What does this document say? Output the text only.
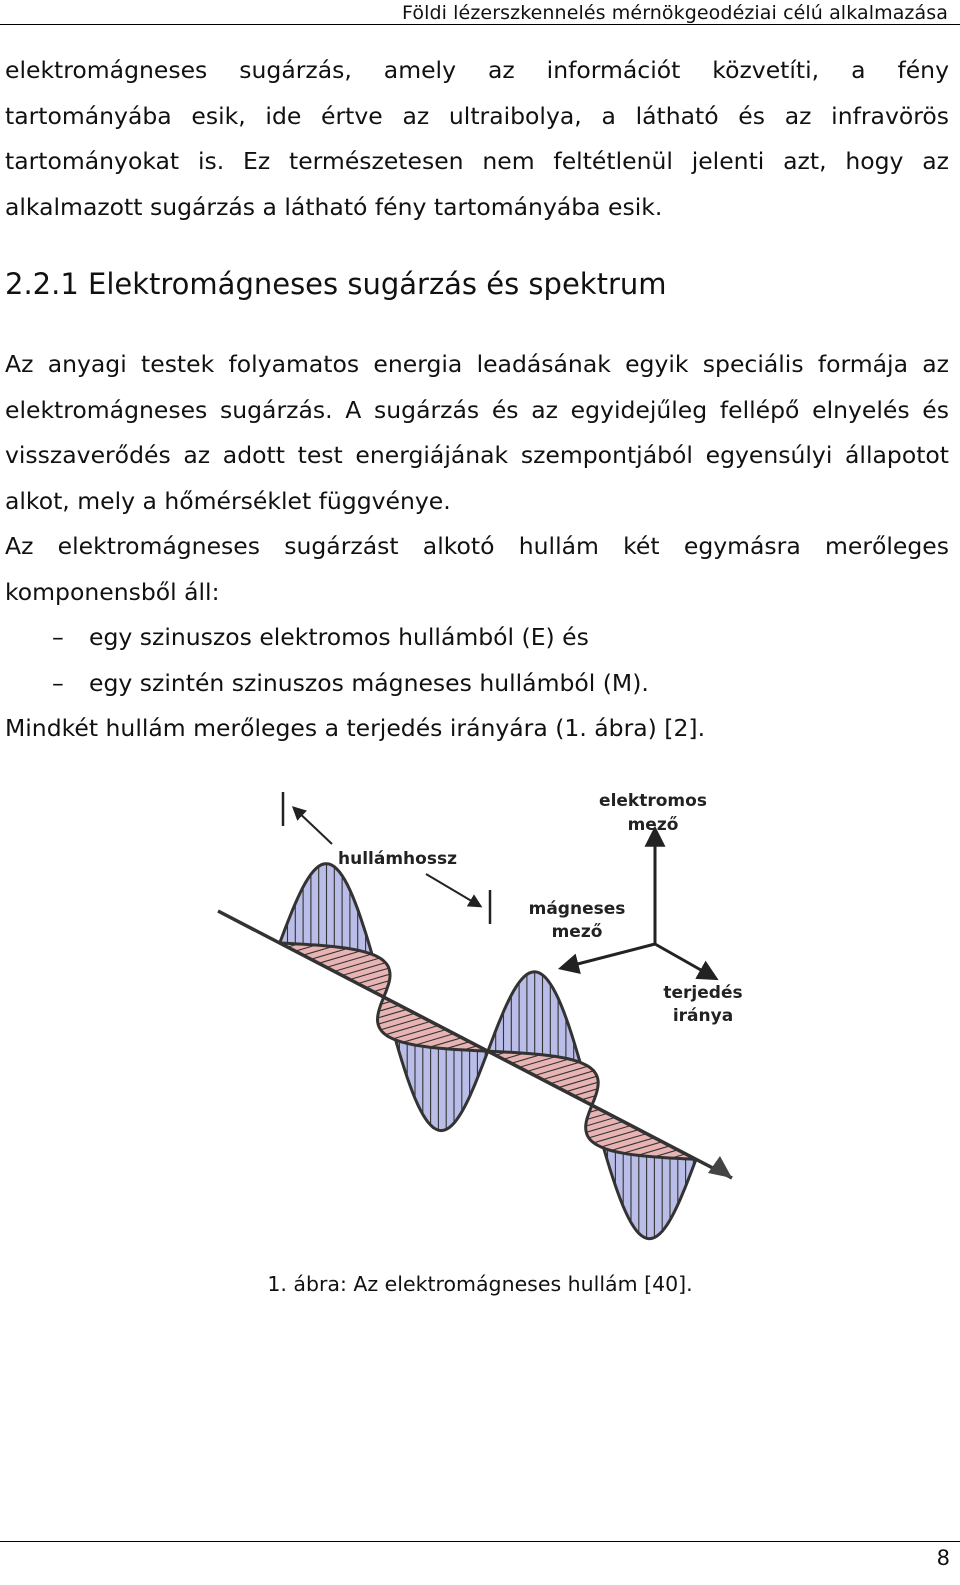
Földi lézerszkennelés mérnökgeodéziai célú alkalmazása

elektromágneses sugárzás, amely az információt közvetíti, a fény tartományába esik, ide értve az ultraibolya, a látható és az infravörös tartományokat is. Ez természetesen nem feltétlenül jelenti azt, hogy az alkalmazott sugárzás a látható fény tartományába esik.

2.2.1 Elektromágneses sugárzás és spektrum

Az anyagi testek folyamatos energia leadásának egyik speciális formája az elektromágneses sugárzás. A sugárzás és az egyidejűleg fellépő elnyelés és visszaverődés az adott test energiájának szempontjából egyensúlyi állapotot alkot, mely a hőmérséklet függvénye.

Az elektromágneses sugárzást alkotó hullám két egymásra merőleges komponensből áll:

– egy szinuszos elektromos hullámból (E) és
– egy szintén szinuszos mágneses hullámból (M).

Mindkét hullám merőleges a terjedés irányára (1. ábra) [2].

hullámhossz
elektromos
mező
mágneses
mező
terjedés
iránya
1. ábra: Az elektromágneses hullám [40].
8
